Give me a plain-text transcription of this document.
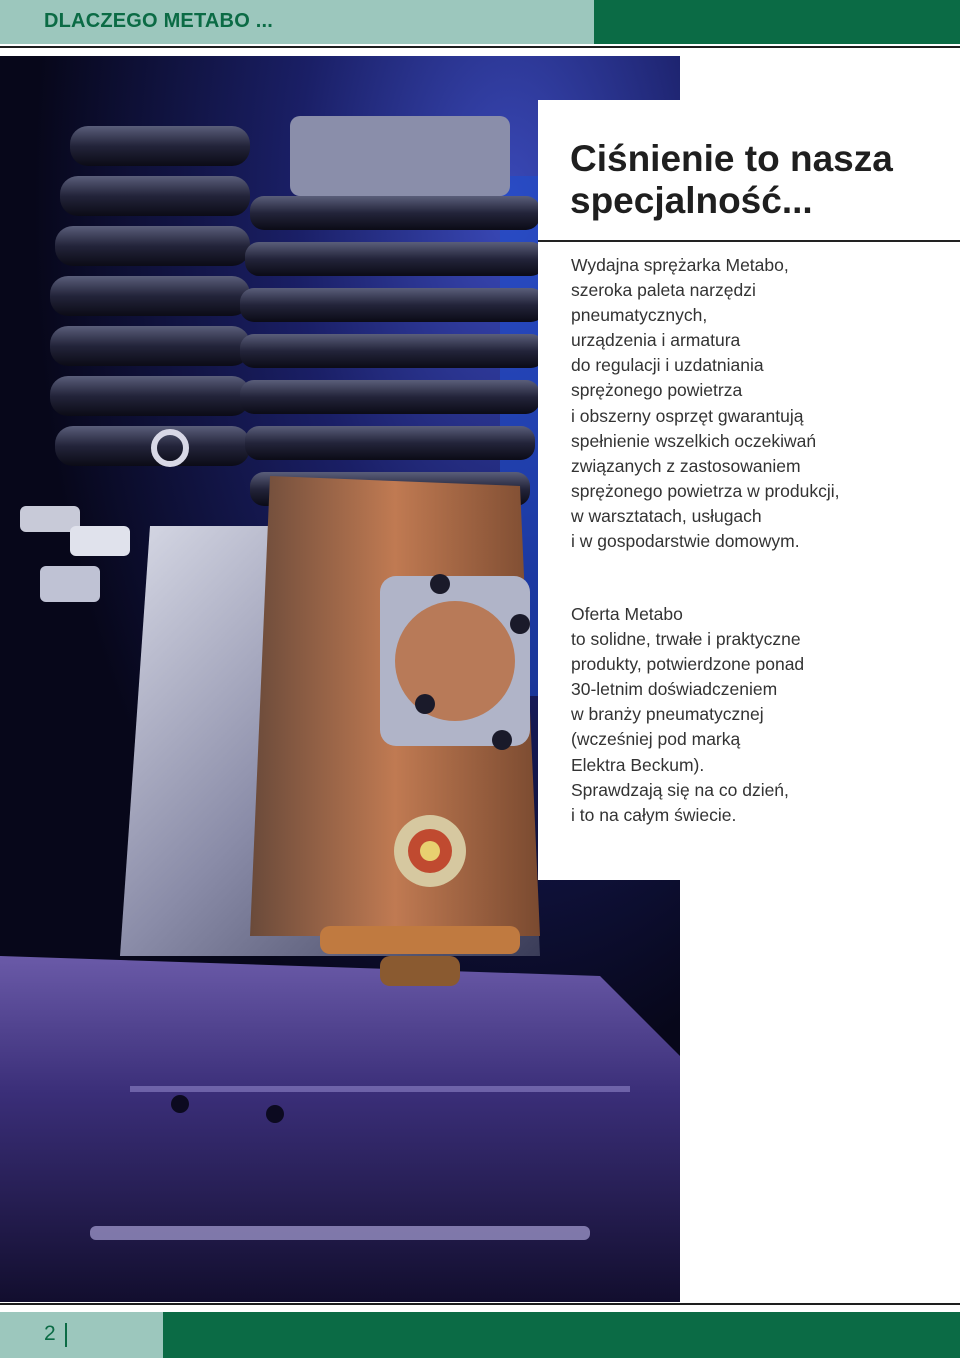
DLACZEGO METABO ...
Ciśnienie to nasza
specjalność...

Wydajna sprężarka Metabo,
szeroka paleta narzędzi
pneumatycznych,
urządzenia i armatura
do regulacji i uzdatniania
sprężonego powietrza
i obszerny osprzęt gwarantują
spełnienie wszelkich oczekiwań
związanych z zastosowaniem
sprężonego powietrza w produkcji,
w warsztatach, usługach
i w gospodarstwie domowym.

Oferta Metabo
to solidne, trwałe i praktyczne
produkty, potwierdzone ponad
30-letnim doświadczeniem
w branży pneumatycznej
(wcześniej pod marką
Elektra Beckum).
Sprawdzają się na co dzień,
i to na całym świecie.

2
